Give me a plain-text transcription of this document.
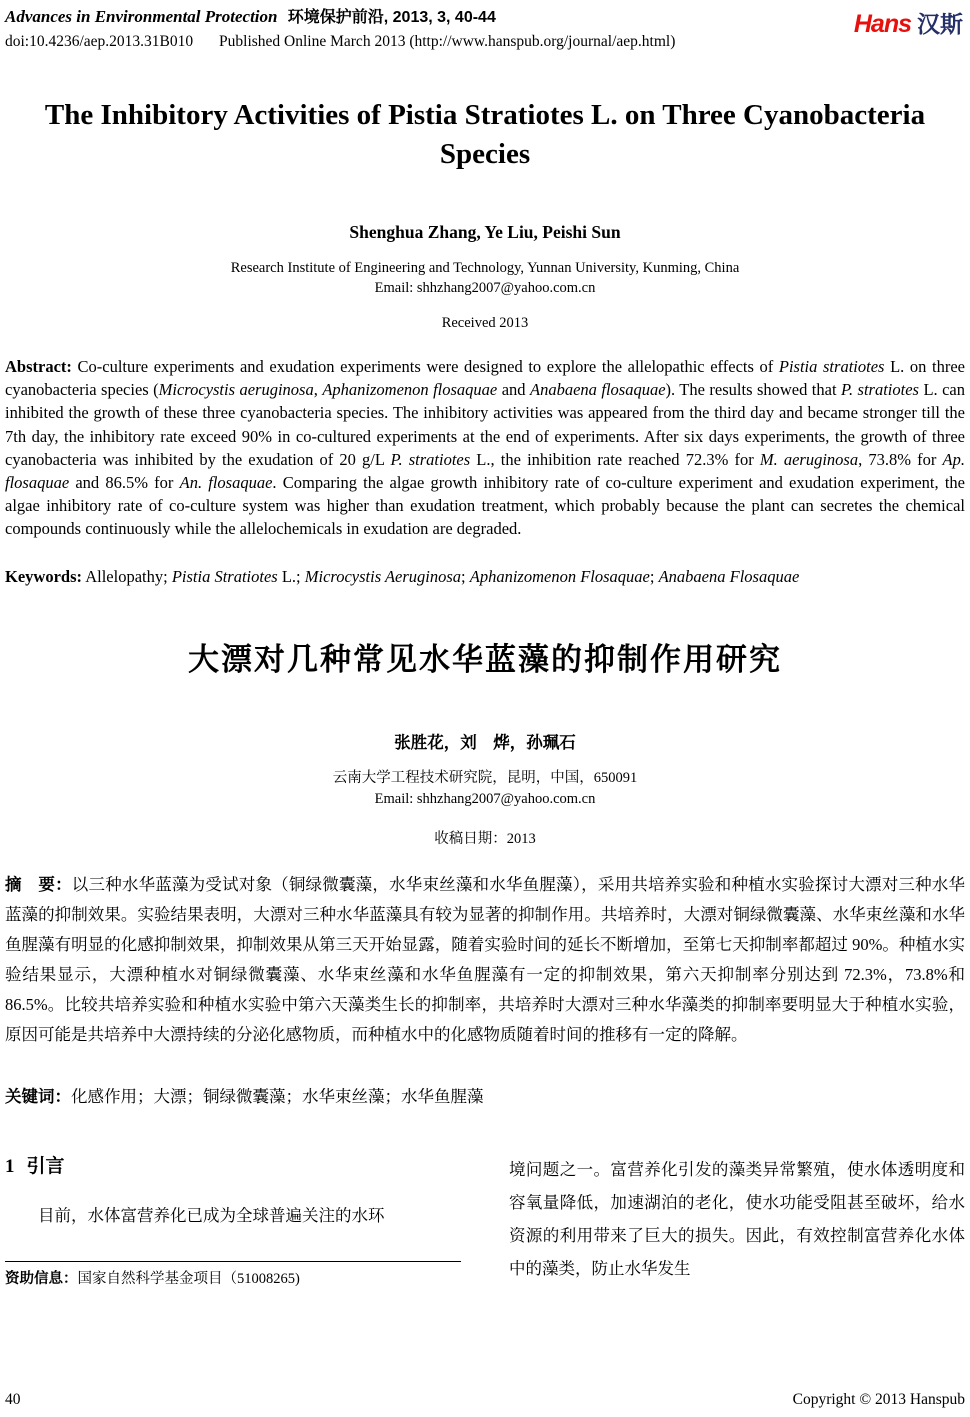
Advances in Environmental Protection 环境保护前沿, 2013, 3, 40-44
doi:10.4236/aep.2013.31B010 Published Online March 2013 (http://www.hanspub.org/journal/aep.html)
Hans 汉斯
The Inhibitory Activities of Pistia Stratiotes L. on Three Cyanobacteria Species
Shenghua Zhang, Ye Liu, Peishi Sun
Research Institute of Engineering and Technology, Yunnan University, Kunming, China
Email: shhzhang2007@yahoo.com.cn
Received 2013

Abstract: Co-culture experiments and exudation experiments were designed to explore the allelopathic effects of Pistia stratiotes L. on three cyanobacteria species (Microcystis aeruginosa, Aphanizomenon flosaquae and Anabaena flosaquae). The results showed that P. stratiotes L. can inhibited the growth of these three cyanobacteria species. The inhibitory activities was appeared from the third day and became stronger till the 7th day, the inhibitory rate exceed 90% in co-cultured experiments at the end of experiments. After six days experiments, the growth of three cyanobacteria was inhibited by the exudation of 20 g/L P. stratiotes L., the inhibition rate reached 72.3% for M. aeruginosa, 73.8% for Ap. flosaquae and 86.5% for An. flosaquae. Comparing the algae growth inhibitory rate of co-culture experiment and exudation experiment, the algae inhibitory rate of co-culture system was higher than exudation treatment, which probably because the plant can secretes the chemical compounds continuously while the allelochemicals in exudation are degraded.

Keywords: Allelopathy; Pistia Stratiotes L.; Microcystis Aeruginosa; Aphanizomenon Flosaquae; Anabaena Flosaquae

大漂对几种常见水华蓝藻的抑制作用研究
张胜花，刘　烨，孙珮石
云南大学工程技术研究院，昆明，中国，650091
Email: shhzhang2007@yahoo.com.cn
收稿日期：2013

摘　要：以三种水华蓝藻为受试对象（铜绿微囊藻，水华束丝藻和水华鱼腥藻），采用共培养实验和种植水实验探讨大漂对三种水华蓝藻的抑制效果。实验结果表明，大漂对三种水华蓝藻具有较为显著的抑制作用。共培养时，大漂对铜绿微囊藻、水华束丝藻和水华鱼腥藻有明显的化感抑制效果，抑制效果从第三天开始显露，随着实验时间的延长不断增加，至第七天抑制率都超过 90%。种植水实验结果显示，大漂种植水对铜绿微囊藻、水华束丝藻和水华鱼腥藻有一定的抑制效果，第六天抑制率分别达到 72.3%，73.8%和 86.5%。比较共培养实验和种植水实验中第六天藻类生长的抑制率，共培养时大漂对三种水华藻类的抑制率要明显大于种植水实验，原因可能是共培养中大漂持续的分泌化感物质，而种植水中的化感物质随着时间的推移有一定的降解。

关键词：化感作用；大漂；铜绿微囊藻；水华束丝藻；水华鱼腥藻

1 引言

目前，水体富营养化已成为全球普遍关注的水环

资助信息：国家自然科学基金项目（51008265)

境问题之一。富营养化引发的藻类异常繁殖，使水体透明度和容氧量降低，加速湖泊的老化，使水功能受阻甚至破坏，给水资源的利用带来了巨大的损失。因此，有效控制富营养化水体中的藻类，防止水华发生

40	Copyright © 2013 Hanspub
